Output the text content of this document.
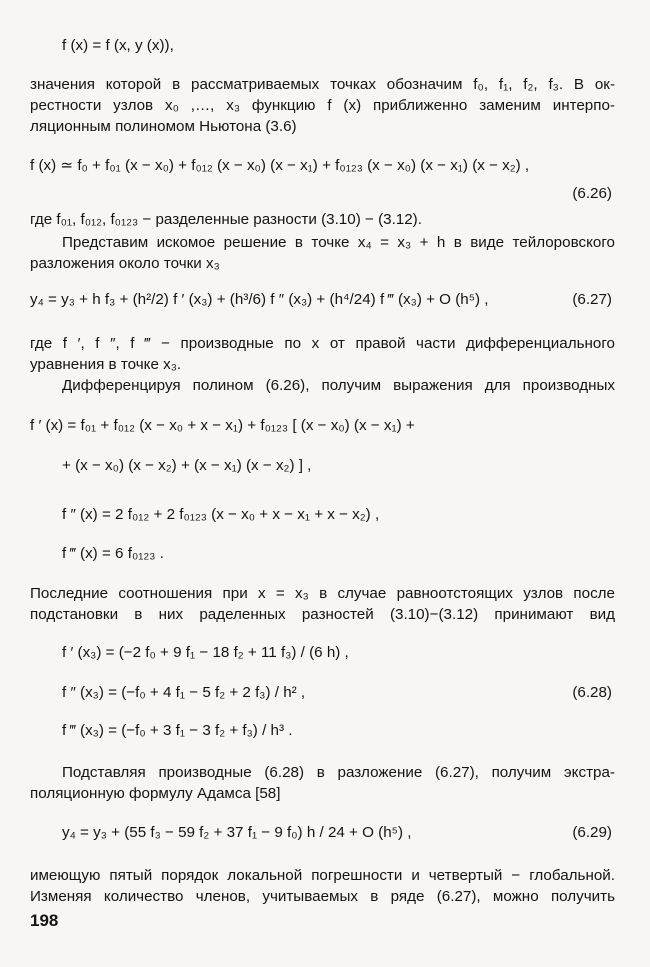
f (x) = f (x, y (x)),
значения которой в рассматриваемых точках обозначим f₀, f₁, f₂, f₃. В ок-
рестности узлов x₀ ,…, x₃ функцию f (x) приближенно заменим интерпо-
ляционным полиномом Ньютона (3.6)
f (x) ≃ f₀ + f₀₁ (x − x₀) + f₀₁₂ (x − x₀) (x − x₁) + f₀₁₂₃ (x − x₀) (x − x₁) (x − x₂) ,
(6.26)
где f₀₁, f₀₁₂, f₀₁₂₃ − разделенные разности (3.10) − (3.12).
Представим искомое решение в точке x₄ = x₃ + h в виде тейлоровского
разложения около точки x₃
y₄ = y₃ + h f₃ + (h²/2) f ′ (x₃) + (h³/6) f ″ (x₃) + (h⁴/24) f ‴ (x₃) + O (h⁵) ,	(6.27)
где f ′, f ″, f ‴ − производные по x от правой части дифференциального
уравнения в точке x₃.
Дифференцируя полином (6.26), получим выражения для производных
f ′ (x) = f₀₁ + f₀₁₂ (x − x₀ + x − x₁) + f₀₁₂₃ [ (x − x₀) (x − x₁) +
+ (x − x₀) (x − x₂) + (x − x₁) (x − x₂) ] ,
f ″ (x) = 2 f₀₁₂ + 2 f₀₁₂₃ (x − x₀ + x − x₁ + x − x₂) ,
f ‴ (x) = 6 f₀₁₂₃ .
Последние соотношения при x = x₃ в случае равноотстоящих узлов после
подстановки в них раделенных разностей (3.10)−(3.12) принимают вид
f ′ (x₃) = (−2 f₀ + 9 f₁ − 18 f₂ + 11 f₃) / (6 h) ,
f ″ (x₃) = (−f₀ + 4 f₁ − 5 f₂ + 2 f₃) / h² ,	(6.28)
f ‴ (x₃) = (−f₀ + 3 f₁ − 3 f₂ + f₃) / h³ .
Подставляя производные (6.28) в разложение (6.27), получим экстра-
поляционную формулу Адамса [58]
y₄ = y₃ + (55 f₃ − 59 f₂ + 37 f₁ − 9 f₀) h / 24 + O (h⁵) ,	(6.29)
имеющую пятый порядок локальной погрешности и четвертый − глобальной.
Изменяя количество членов, учитываемых в ряде (6.27), можно получить
198
